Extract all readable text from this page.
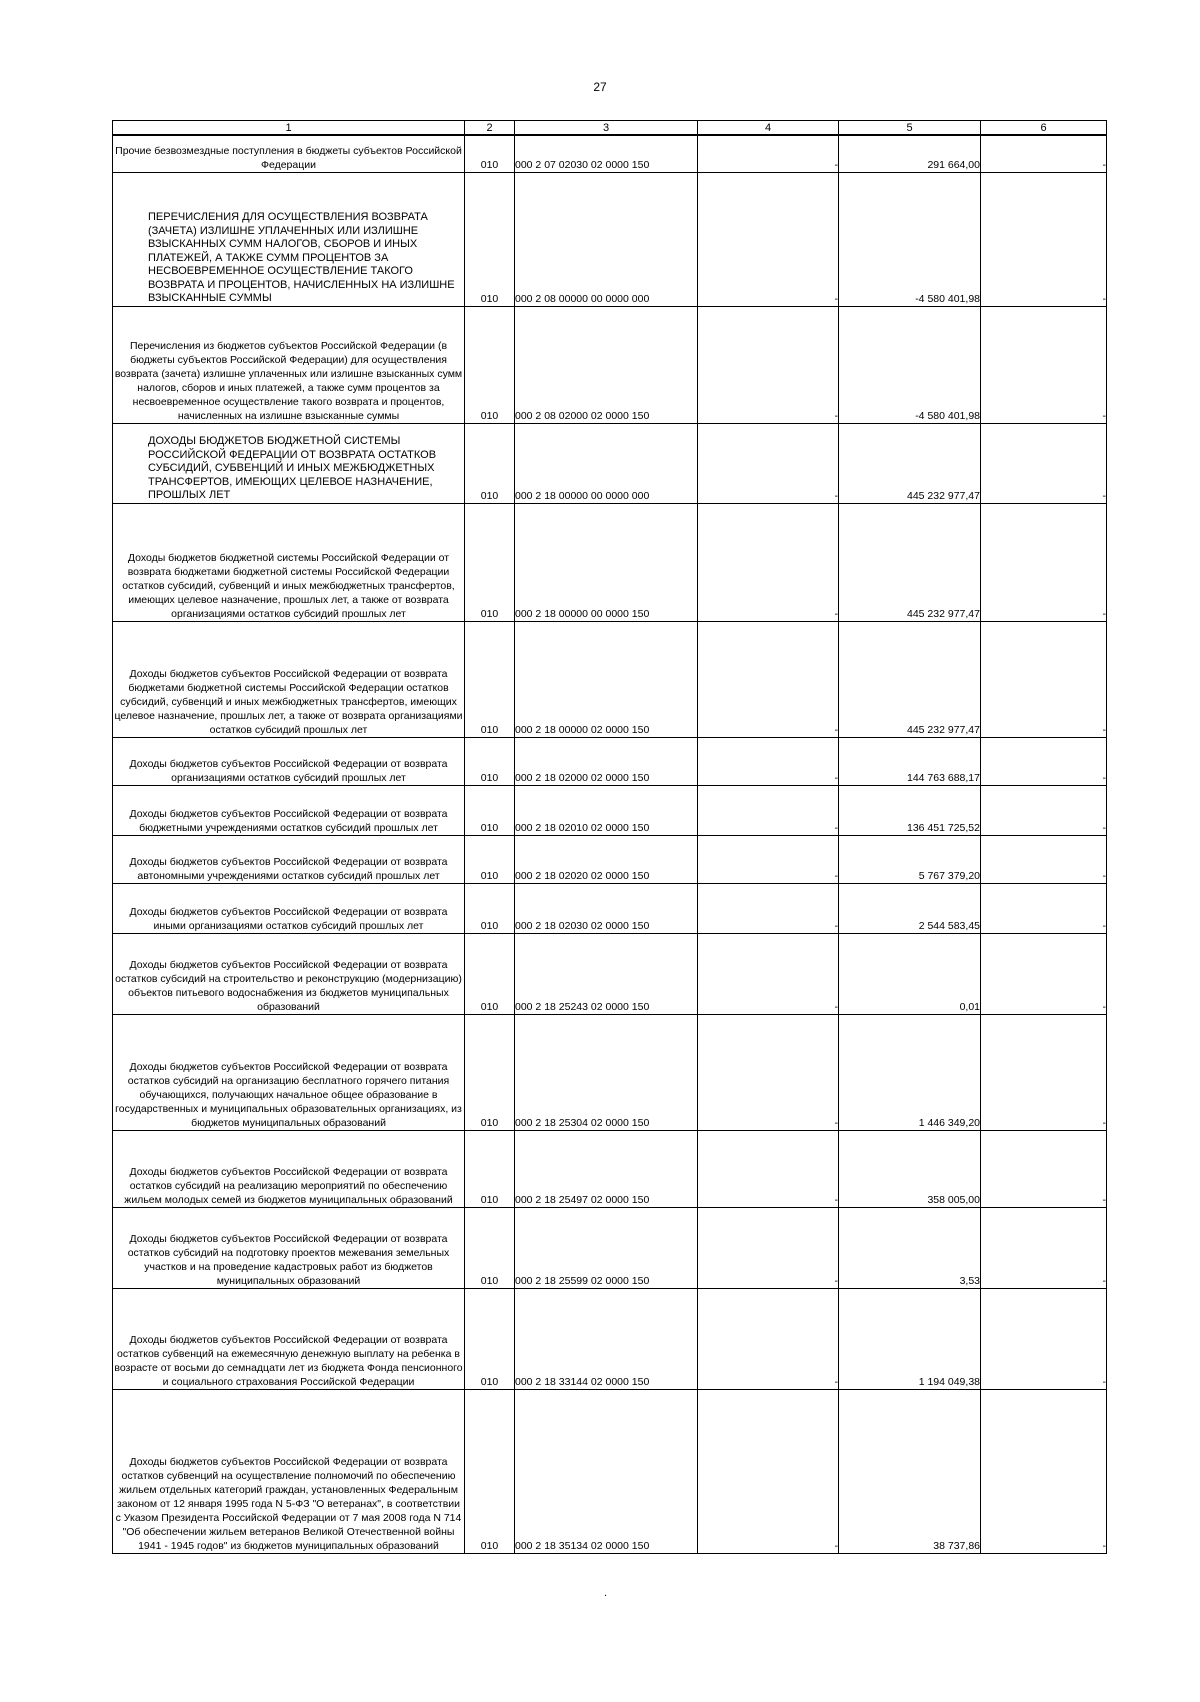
27
1	2	3	4	5	6
Прочие безвозмездные поступления в бюджеты субъектов Российской Федерации	010	000 2 07 02030 02 0000 150	-	291 664,00	-
ПЕРЕЧИСЛЕНИЯ ДЛЯ ОСУЩЕСТВЛЕНИЯ ВОЗВРАТА (ЗАЧЕТА) ИЗЛИШНЕ УПЛАЧЕННЫХ ИЛИ ИЗЛИШНЕ ВЗЫСКАННЫХ СУММ НАЛОГОВ, СБОРОВ И ИНЫХ ПЛАТЕЖЕЙ, А ТАКЖЕ СУММ ПРОЦЕНТОВ ЗА НЕСВОЕВРЕМЕННОЕ ОСУЩЕСТВЛЕНИЕ ТАКОГО ВОЗВРАТА И ПРОЦЕНТОВ, НАЧИСЛЕННЫХ НА ИЗЛИШНЕ ВЗЫСКАННЫЕ СУММЫ	010	000 2 08 00000 00 0000 000	-	-4 580 401,98	-
Перечисления из бюджетов субъектов Российской Федерации (в бюджеты субъектов Российской Федерации) для осуществления возврата (зачета) излишне уплаченных или излишне взысканных сумм налогов, сборов и иных платежей, а также сумм процентов за несвоевременное осуществление такого возврата и процентов, начисленных на излишне взысканные суммы	010	000 2 08 02000 02 0000 150	-	-4 580 401,98	-
ДОХОДЫ БЮДЖЕТОВ БЮДЖЕТНОЙ СИСТЕМЫ РОССИЙСКОЙ ФЕДЕРАЦИИ ОТ ВОЗВРАТА ОСТАТКОВ СУБСИДИЙ, СУБВЕНЦИЙ И ИНЫХ МЕЖБЮДЖЕТНЫХ ТРАНСФЕРТОВ, ИМЕЮЩИХ ЦЕЛЕВОЕ НАЗНАЧЕНИЕ, ПРОШЛЫХ ЛЕТ	010	000 2 18 00000 00 0000 000	-	445 232 977,47	-
Доходы бюджетов бюджетной системы Российской Федерации от возврата бюджетами бюджетной системы Российской Федерации остатков субсидий, субвенций и иных межбюджетных трансфертов, имеющих целевое назначение, прошлых лет, а также от возврата организациями остатков субсидий прошлых лет	010	000 2 18 00000 00 0000 150	-	445 232 977,47	-
Доходы бюджетов субъектов Российской Федерации от возврата бюджетами бюджетной системы Российской Федерации остатков субсидий, субвенций и иных межбюджетных трансфертов, имеющих целевое назначение, прошлых лет, а также от возврата организациями остатков субсидий прошлых лет	010	000 2 18 00000 02 0000 150	-	445 232 977,47	-
Доходы бюджетов субъектов Российской Федерации от возврата организациями остатков субсидий прошлых лет	010	000 2 18 02000 02 0000 150	-	144 763 688,17	-
Доходы бюджетов субъектов Российской Федерации от возврата бюджетными учреждениями остатков субсидий прошлых лет	010	000 2 18 02010 02 0000 150	-	136 451 725,52	-
Доходы бюджетов субъектов Российской Федерации от возврата автономными учреждениями остатков субсидий прошлых лет	010	000 2 18 02020 02 0000 150	-	5 767 379,20	-
Доходы бюджетов субъектов Российской Федерации от возврата иными организациями остатков субсидий прошлых лет	010	000 2 18 02030 02 0000 150	-	2 544 583,45	-
Доходы бюджетов субъектов Российской Федерации от возврата остатков субсидий на строительство и реконструкцию (модернизацию) объектов питьевого водоснабжения из бюджетов муниципальных образований	010	000 2 18 25243 02 0000 150	-	0,01	-
Доходы бюджетов субъектов Российской Федерации от возврата остатков субсидий на организацию бесплатного горячего питания обучающихся, получающих начальное общее образование в государственных и муниципальных образовательных организациях, из бюджетов муниципальных образований	010	000 2 18 25304 02 0000 150	-	1 446 349,20	-
Доходы бюджетов субъектов Российской Федерации от возврата остатков субсидий на реализацию мероприятий по обеспечению жильем молодых семей из бюджетов муниципальных образований	010	000 2 18 25497 02 0000 150	-	358 005,00	-
Доходы бюджетов субъектов Российской Федерации от возврата остатков субсидий на подготовку проектов межевания земельных участков и на проведение кадастровых работ из бюджетов муниципальных образований	010	000 2 18 25599 02 0000 150	-	3,53	-
Доходы бюджетов субъектов Российской Федерации от возврата остатков субвенций на ежемесячную денежную выплату на ребенка в возрасте от восьми до семнадцати лет из бюджета Фонда пенсионного и социального страхования Российской Федерации	010	000 2 18 33144 02 0000 150	-	1 194 049,38	-
Доходы бюджетов субъектов Российской Федерации от возврата остатков субвенций на осуществление полномочий по обеспечению жильем отдельных категорий граждан, установленных Федеральным законом от 12 января 1995 года N 5-ФЗ "О ветеранах", в соответствии с Указом Президента Российской Федерации от 7 мая 2008 года N 714 "Об обеспечении жильем ветеранов Великой Отечественной войны 1941 - 1945 годов" из бюджетов муниципальных образований	010	000 2 18 35134 02 0000 150	-	38 737,86	-
.
